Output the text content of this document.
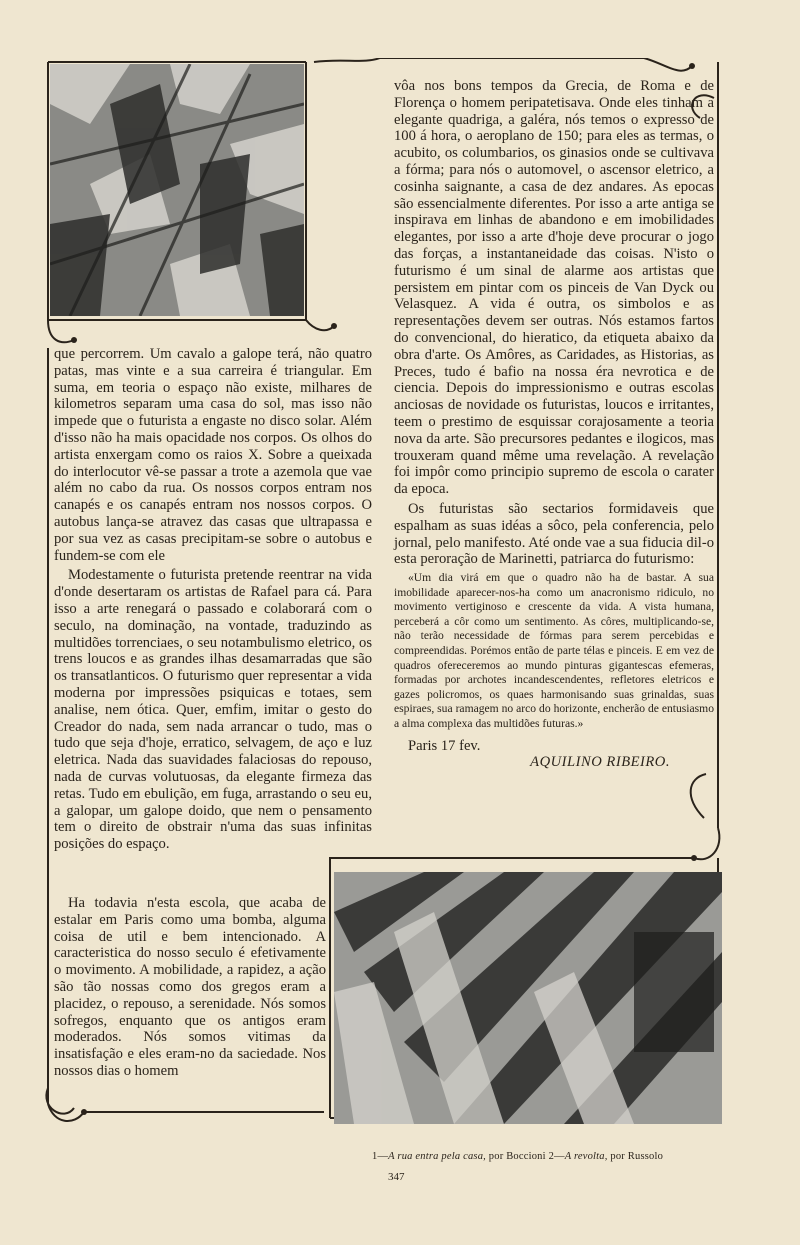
que percorrem. Um cavalo a galope terá, não quatro patas, mas vinte e a sua carreira é triangular. Em suma, em teoria o espaço não existe, milhares de kilometros separam uma casa do sol, mas isso não impede que o futurista a engaste no disco solar. Além d'isso não ha mais opacidade nos corpos. Os olhos do artista enxergam como os raios X. Sobre a queixada do interlocutor vê-se passar a trote a azemola que vae além no cabo da rua. Os nossos corpos entram nos canapés e os canapés entram nos nossos corpos. O autobus lança-se atravez das casas que ultrapassa e por sua vez as casas precipitam-se sobre o autobus e fundem-se com ele

Modestamente o futurista pretende reentrar na vida d'onde desertaram os artistas de Rafael para cá. Para isso a arte renegará o passado e colaborará com o seculo, na dominação, na vontade, traduzindo as multidões torrenciaes, o seu notambulismo eletrico, os trens loucos e as grandes ilhas desamarradas que são os transatlanticos. O futurismo quer representar a vida moderna por impressões psiquicas e totaes, sem analise, nem ótica. Quer, emfim, imitar o gesto do Creador do nada, sem nada arrancar o tudo, mas o tudo que seja d'hoje, erratico, selvagem, de aço e luz eletrica. Nada das suavidades falaciosas do repouso, nada de curvas volutuosas, da elegante firmeza das retas. Tudo em ebulição, em fuga, arrastando o seu eu, a galopar, um galope doido, que nem o pensamento tem o direito de obstrair n'uma das suas infinitas posições do espaço.

Ha todavia n'esta escola, que acaba de estalar em Paris como uma bomba, alguma coisa de util e bem intencionado. A caracteristica do nosso seculo é efetivamente o movimento. A mobilidade, a rapidez, a ação são tão nossas como dos gregos eram a placidez, o repouso, a serenidade. Nós somos sofregos, enquanto que os antigos eram moderados. Nós somos vitimas da insatisfação e eles eram-no da saciedade. Nos nossos dias o homem

vôa nos bons tempos da Grecia, de Roma e de Florença o homem peripatetisava. Onde eles tinham a elegante quadriga, a galéra, nós temos o expresso de 100 á hora, o aeroplano de 150; para eles as termas, o acubito, os columbarios, os ginasios onde se cultivava a fórma; para nós o automovel, o ascensor eletrico, a cosinha saignante, a casa de dez andares. As epocas são essencialmente diferentes. Por isso a arte antiga se inspirava em linhas de abandono e em imobilidades elegantes, por isso a arte d'hoje deve procurar o jogo das forças, a instantaneidade das coisas. N'isto o futurismo é um sinal de alarme aos artistas que persistem em pintar com os pinceis de Van Dyck ou Velasquez. A vida é outra, os simbolos e as representações devem ser outras. Nós estamos fartos do convencional, do hieratico, da etiqueta abaixo da obra d'arte. Os Amôres, as Caridades, as Historias, as Preces, tudo é bafio na nossa éra nevrotica e de ciencia. Depois do impressionismo e outras escolas anciosas de novidade os futuristas, loucos e irritantes, teem o prestimo de esquissar corajosamente a teoria nova da arte. São precursores pedantes e ilogicos, mas trouxeram quand même uma revelação. A revelação foi impôr como principio supremo de escola o carater da epoca.

Os futuristas são sectarios formidaveis que espalham as suas idéas a sôco, pela conferencia, pelo jornal, pelo manifesto. Até onde vae a sua fiducia dil-o esta peroração de Marinetti, patriarca do futurismo:

«Um dia virá em que o quadro não ha de bastar. A sua imobilidade aparecer-nos-ha como um anacronismo ridiculo, no movimento vertiginoso e crescente da vida. A vista humana, perceberá a côr como um sentimento. As côres, multiplicando-se, não terão necessidade de fórmas para serem percebidas e compreendidas. Porémos então de parte télas e pinceis. E em vez de quadros ofereceremos ao mundo pinturas gigantescas efemeras, formadas por archotes incandescendentes, refletores eletricos e gazes policromos, os quaes harmonisando suas grinaldas, suas espiraes, sua ramagem no arco do horizonte, encherão de entusiasmo a alma complexa das multidões futuras.»

Paris 17 fev.
AQUILINO RIBEIRO.
1—A rua entra pela casa, por Boccioni 2—A revolta, por Russolo
347
